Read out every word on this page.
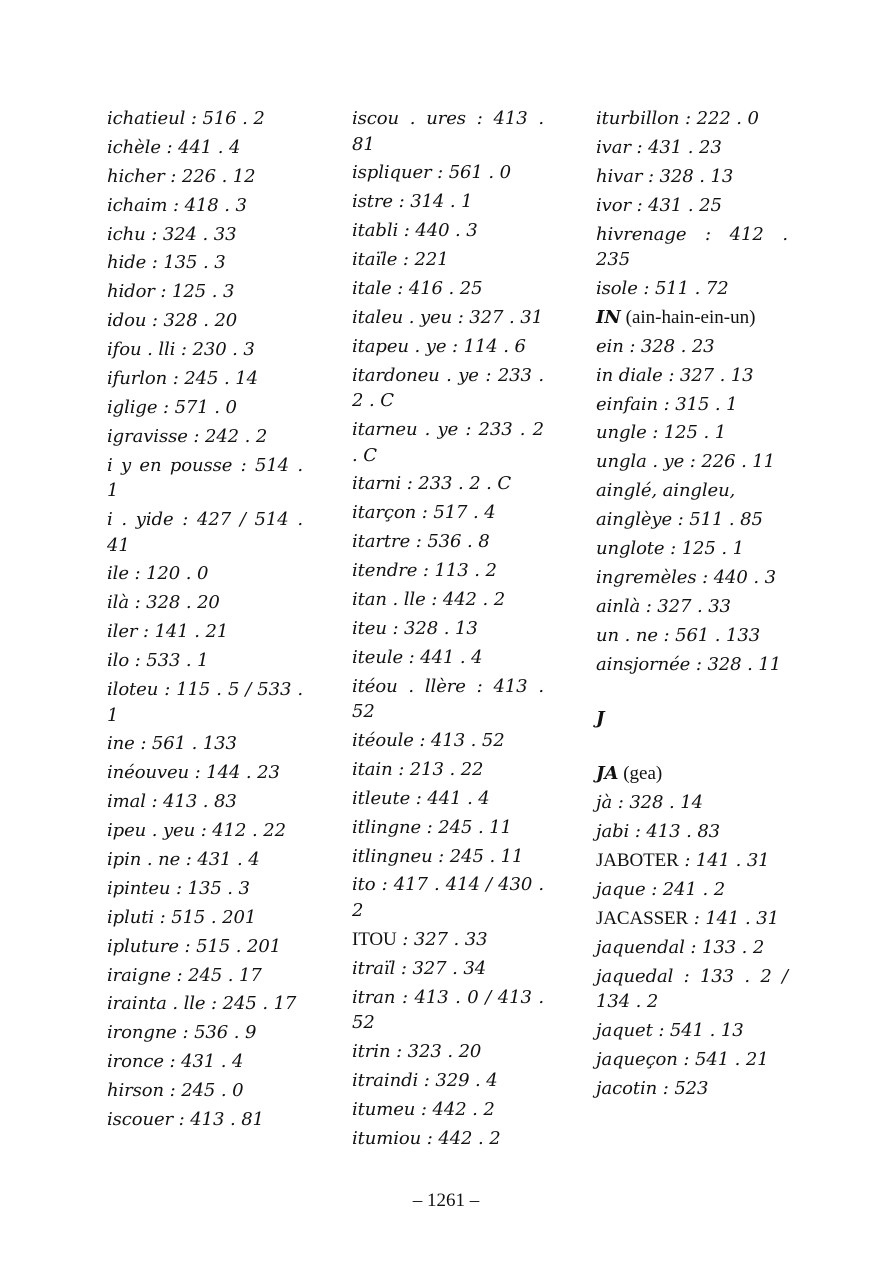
ichatieul : 516 . 2

ichèle : 441 . 4

hicher : 226 . 12

ichaim : 418 . 3

ichu : 324 . 33

hide : 135 . 3

hidor : 125 . 3

idou : 328 . 20

ifou . lli : 230 . 3

ifurlon : 245 . 14

iglige : 571 . 0

igravisse : 242 . 2

i y en pousse : 514 . 1

i . yide : 427 / 514 . 41

ile : 120 . 0

ilà : 328 . 20

iler : 141 . 21

ilo : 533 . 1

iloteu : 115 . 5 / 533 . 1

ine : 561 . 133

inéouveu : 144 . 23

imal : 413 . 83

ipeu . yeu : 412 . 22

ipin . ne : 431 . 4

ipinteu : 135 . 3

ipluti : 515 . 201

ipluture : 515 . 201

iraigne : 245 . 17

irainta . lle : 245 . 17

irongne : 536 . 9

ironce : 431 . 4

hirson : 245 . 0

iscouer : 413 . 81

iscou . ures : 413 . 81

ispliquer : 561 . 0

istre : 314 . 1

itabli : 440 . 3

itaïle : 221

itale : 416 . 25

italeu . yeu : 327 . 31

itapeu . ye : 114 . 6

itardoneu . ye : 233 . 2 . C

itarneu . ye : 233 . 2 . C

itarni : 233 . 2 . C

itarçon : 517 . 4

itartre : 536 . 8

itendre : 113 . 2

itan . lle : 442 . 2

iteu : 328 . 13

iteule : 441 . 4

itéou . llère : 413 . 52

itéoule : 413 . 52

itain : 213 . 22

itleute : 441 . 4

itlingne : 245 . 11

itlingneu : 245 . 11

ito : 417 . 414 / 430 . 2

ITOU : 327 . 33

itraïl : 327 . 34

itran : 413 . 0 / 413 . 52

itrin : 323 . 20

itraindi : 329 . 4

itumeu : 442 . 2

itumiou : 442 . 2

iturbillon : 222 . 0

ivar : 431 . 23

hivar : 328 . 13

ivor : 431 . 25

hivrenage : 412 . 235

isole : 511 . 72

IN (ain-hain-ein-un)

ein : 328 . 23

in diale : 327 . 13

einfain : 315 . 1

ungle : 125 . 1

ungla . ye : 226 . 11

ainglé, aingleu,

ainglèye : 511 . 85

unglote : 125 . 1

ingremèles : 440 . 3

ainlà : 327 . 33

un . ne : 561 . 133

ainsjornée : 328 . 11

J

JA (gea)

jà : 328 . 14

jabi : 413 . 83

JABOTER : 141 . 31

jaque : 241 . 2

JACASSER : 141 . 31

jaquendal : 133 . 2

jaquedal : 133 . 2 / 134 . 2

jaquet : 541 . 13

jaqueçon : 541 . 21

jacotin : 523

– 1261 –
